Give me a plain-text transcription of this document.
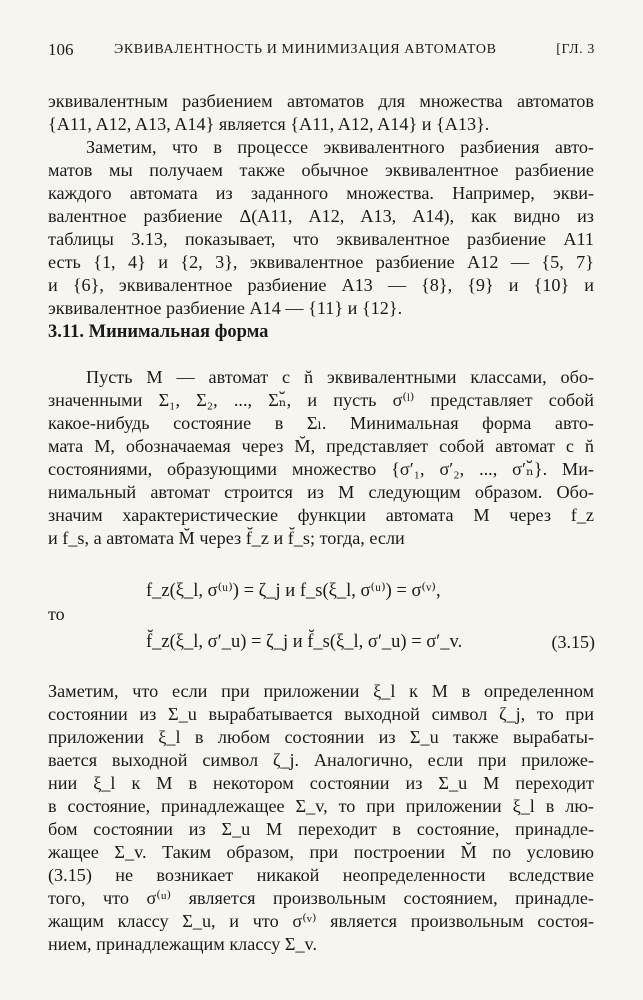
106	ЭКВИВАЛЕНТНОСТЬ И МИНИМИЗАЦИЯ АВТОМАТОВ	[ГЛ. 3
эквивалентным разбиением автоматов для множества автоматов
{A11, A12, A13, A14} является {A11, A12, A14} и {A13}.
Заметим, что в процессе эквивалентного разбиения авто-
матов мы получаем также обычное эквивалентное разбиение
каждого автомата из заданного множества. Например, экви-
валентное разбиение Δ(A11, A12, A13, A14), как видно из
таблицы 3.13, показывает, что эквивалентное разбиение A11
есть {1, 4} и {2, 3}, эквивалентное разбиение A12 — {5, 7}
и {6}, эквивалентное разбиение A13 — {8}, {9} и {10} и
эквивалентное разбиение A14 — {11} и {12}.
3.11. Минимальная форма
Пусть M — автомат с n̆ эквивалентными классами, обо-
значенными Σ₁, Σ₂, ..., Σₙ̆, и пусть σ⁽ˡ⁾ представляет собой
какое-нибудь состояние в Σₗ. Минимальная форма авто-
мата M, обозначаемая через M̆, представляет собой автомат с n̆
состояниями, образующими множество {σ′₁, σ′₂, ..., σ′ₙ̆}. Ми-
нимальный автомат строится из M следующим образом. Обо-
значим характеристические функции автомата M через f_z
и f_s, а автомата M̆ через f̆_z и f̆_s; тогда, если
f_z(ξ_l, σ⁽ᵘ⁾) = ζ_j и f_s(ξ_l, σ⁽ᵘ⁾) = σ⁽ᵛ⁾,
то
f̆_z(ξ_l, σ′_u) = ζ_j и f̆_s(ξ_l, σ′_u) = σ′_v.	(3.15)
Заметим, что если при приложении ξ_l к M в определенном
состоянии из Σ_u вырабатывается выходной символ ζ_j, то при
приложении ξ_l в любом состоянии из Σ_u также вырабаты-
вается выходной символ ζ_j. Аналогично, если при приложе-
нии ξ_l к M в некотором состоянии из Σ_u M переходит
в состояние, принадлежащее Σ_v, то при приложении ξ_l в лю-
бом состоянии из Σ_u M переходит в состояние, принадле-
жащее Σ_v. Таким образом, при построении M̆ по условию
(3.15) не возникает никакой неопределенности вследствие
того, что σ⁽ᵘ⁾ является произвольным состоянием, принадле-
жащим классу Σ_u, и что σ⁽ᵛ⁾ является произвольным состоя-
нием, принадлежащим классу Σ_v.
